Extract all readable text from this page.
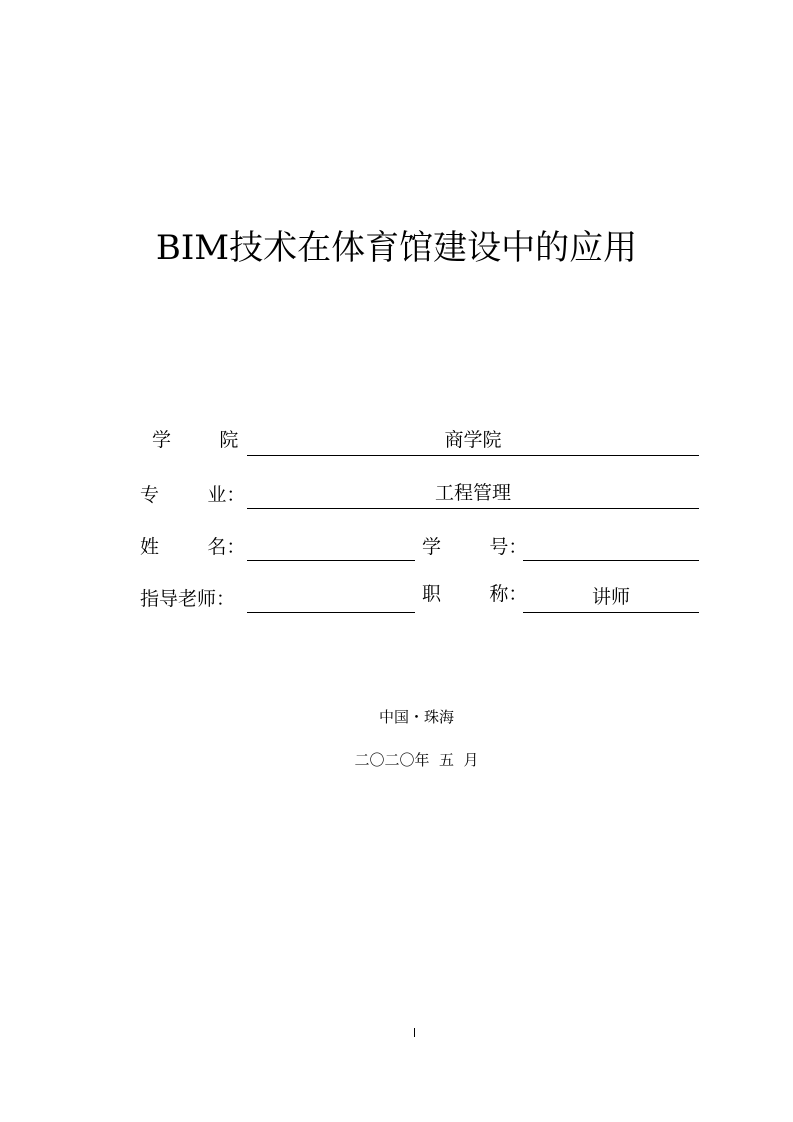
BIM技术在体育馆建设中的应用
学        院	商学院
专        业：	工程管理
姓        名：	学        号：
指导老师：	职        称：	讲师
中国・珠海
二〇二〇年  五  月
